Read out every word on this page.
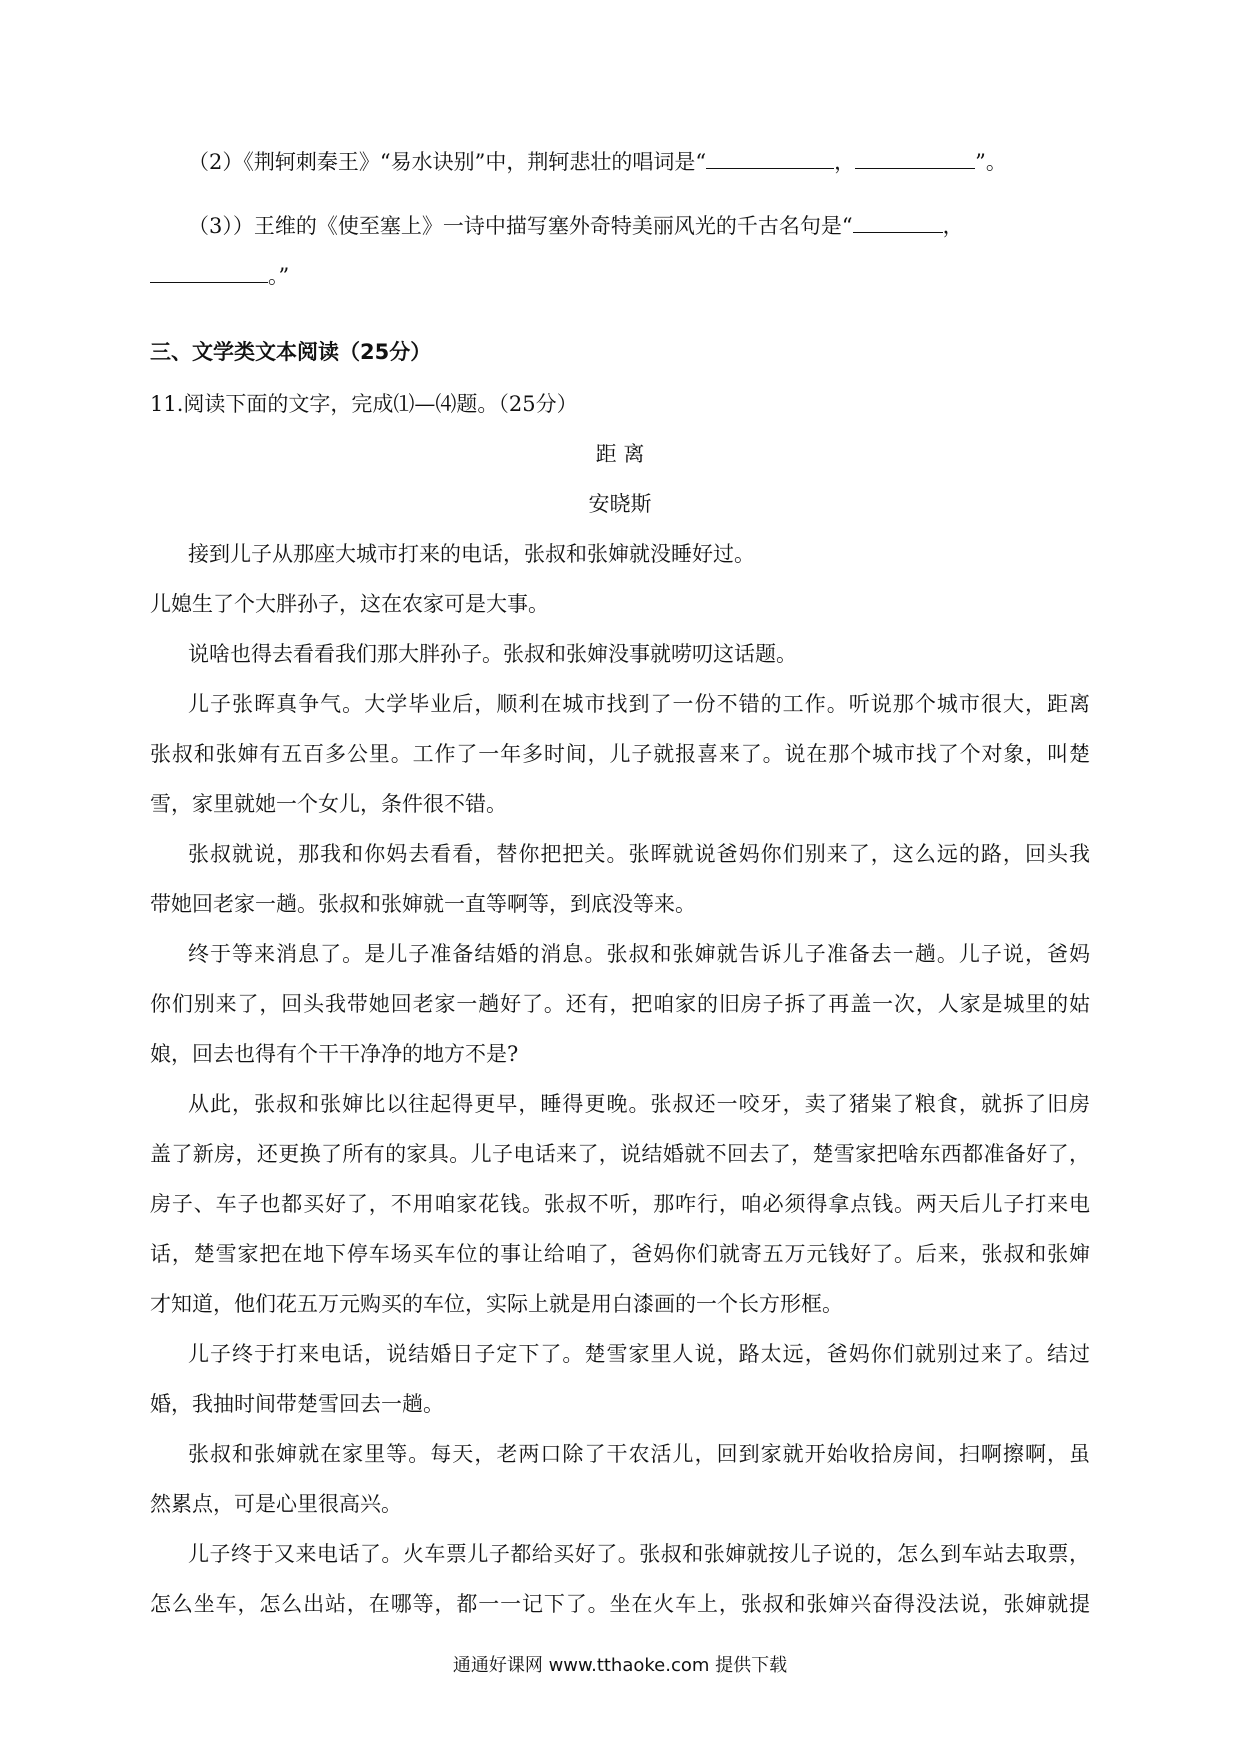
（2）《荆轲刺秦王》“易水诀别”中，荆轲悲壮的唱词是“	，	”。
（3））王维的《使至塞上》一诗中描写塞外奇特美丽风光的千古名句是“	，
。”
三、文学类文本阅读（25分）
11.阅读下面的文字，完成⑴—⑷题。（25分）
距 离
安晓斯
接到儿子从那座大城市打来的电话，张叔和张婶就没睡好过。
儿媳生了个大胖孙子，这在农家可是大事。
说啥也得去看看我们那大胖孙子。张叔和张婶没事就唠叨这话题。
儿子张晖真争气。大学毕业后，顺利在城市找到了一份不错的工作。听说那个城市很大，距离
张叔和张婶有五百多公里。工作了一年多时间，儿子就报喜来了。说在那个城市找了个对象，叫楚
雪，家里就她一个女儿，条件很不错。
张叔就说，那我和你妈去看看，替你把把关。张晖就说爸妈你们别来了，这么远的路，回头我
带她回老家一趟。张叔和张婶就一直等啊等，到底没等来。
终于等来消息了。是儿子准备结婚的消息。张叔和张婶就告诉儿子准备去一趟。儿子说，爸妈
你们别来了，回头我带她回老家一趟好了。还有，把咱家的旧房子拆了再盖一次，人家是城里的姑
娘，回去也得有个干干净净的地方不是?
从此，张叔和张婶比以往起得更早，睡得更晚。张叔还一咬牙，卖了猪粜了粮食，就拆了旧房
盖了新房，还更换了所有的家具。儿子电话来了，说结婚就不回去了，楚雪家把啥东西都准备好了，
房子、车子也都买好了，不用咱家花钱。张叔不听，那咋行，咱必须得拿点钱。两天后儿子打来电
话，楚雪家把在地下停车场买车位的事让给咱了，爸妈你们就寄五万元钱好了。后来，张叔和张婶
才知道，他们花五万元购买的车位，实际上就是用白漆画的一个长方形框。
儿子终于打来电话，说结婚日子定下了。楚雪家里人说，路太远，爸妈你们就别过来了。结过
婚，我抽时间带楚雪回去一趟。
张叔和张婶就在家里等。每天，老两口除了干农活儿，回到家就开始收拾房间，扫啊擦啊，虽
然累点，可是心里很高兴。
儿子终于又来电话了。火车票儿子都给买好了。张叔和张婶就按儿子说的，怎么到车站去取票，
怎么坐车，怎么出站，在哪等，都一一记下了。坐在火车上，张叔和张婶兴奋得没法说，张婶就提
通通好课网 www.tthaoke.com 提供下载
